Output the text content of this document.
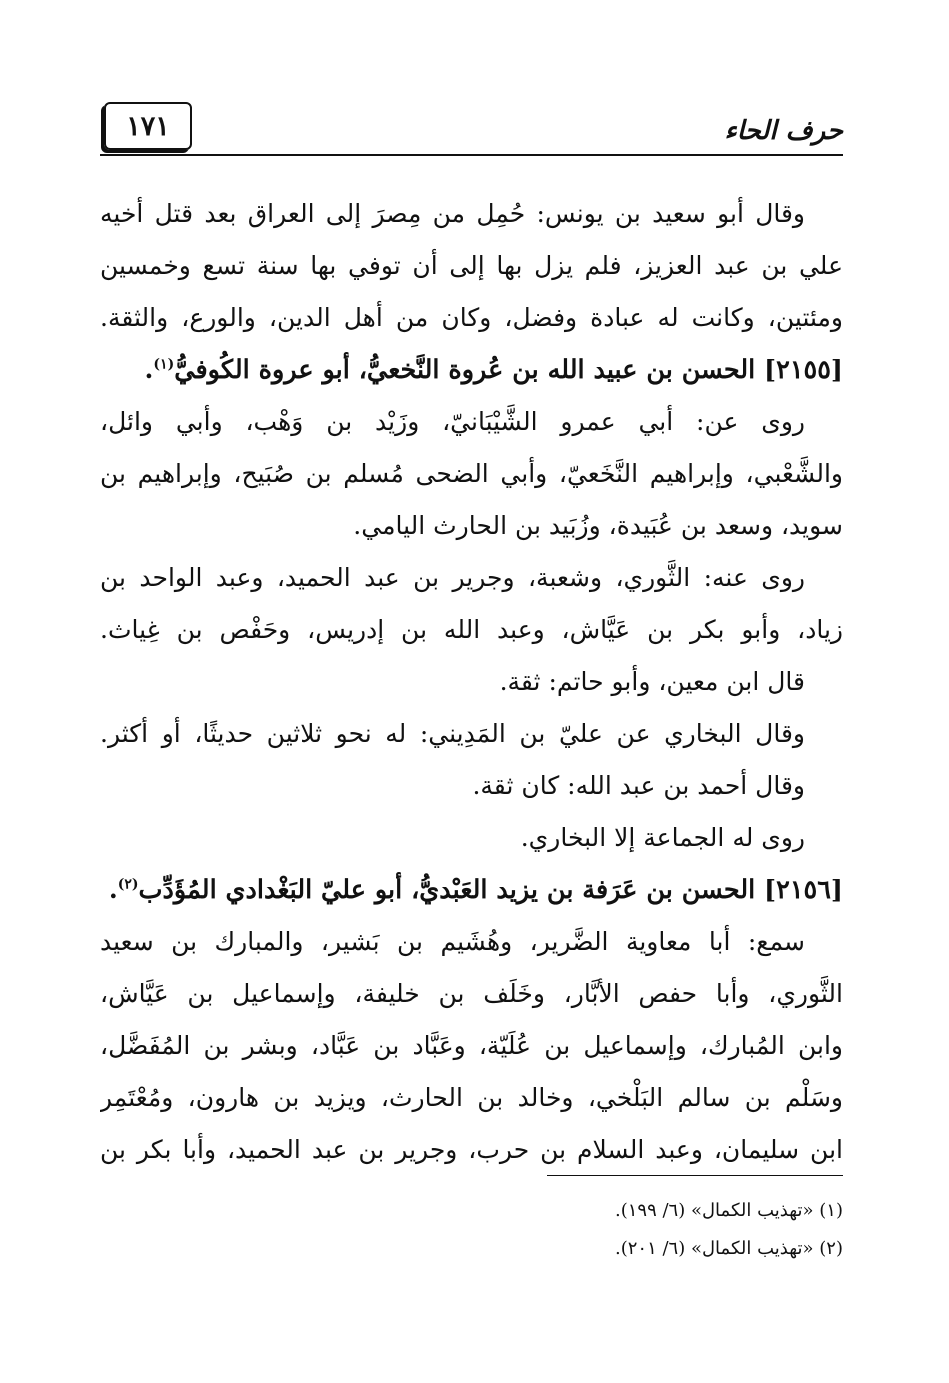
١٧١	حرف الحاء
وقال أبو سعيد بن يونس: حُمِل من مِصرَ إلى العراق بعد قتل أخيه
علي بن عبد العزيز، فلم يزل بها إلى أن توفي بها سنة تسع وخمسين
ومئتين، وكانت له عبادة وفضل، وكان من أهل الدين، والورع، والثقة.
[٢١٥٥] الحسن بن عبيد الله بن عُروة النَّخعيُّ، أبو عروة الكُوفيُّ$^{(١)}$.
روى عن: أبي عمرو الشَّيْبَانيّ، وزَيْد بن وَهْب، وأبي وائل،
والشَّعْبي، وإبراهيم النَّخَعيّ، وأبي الضحى مُسلم بن صُبَيح، وإبراهيم بن
سويد، وسعد بن عُبَيدة، وزُبَيد بن الحارث اليامي.
روى عنه: الثَّوري، وشعبة، وجرير بن عبد الحميد، وعبد الواحد بن
زياد، وأبو بكر بن عَيَّاش، وعبد الله بن إدريس، وحَفْص بن غِياث.
قال ابن معين، وأبو حاتم: ثقة.
وقال البخاري عن عليّ بن المَدِيني: له نحو ثلاثين حديثًا، أو أكثر.
وقال أحمد بن عبد الله: كان ثقة.
روى له الجماعة إلا البخاري.
[٢١٥٦] الحسن بن عَرَفة بن يزيد العَبْديُّ، أبو عليّ البَغْدادي المُؤَدِّب$^{(٢)}$.
سمع: أبا معاوية الضَّرير، وهُشَيم بن بَشير، والمبارك بن سعيد
الثَّوري، وأبا حفص الأبَّار، وخَلَف بن خليفة، وإسماعيل بن عَيَّاش،
وابن المُبارك، وإسماعيل بن عُلَيّة، وعَبَّاد بن عَبَّاد، وبشر بن المُفَضَّل،
وسَلْم بن سالم البَلْخي، وخالد بن الحارث، ويزيد بن هارون، ومُعْتَمِر
ابن سليمان، وعبد السلام بن حرب، وجرير بن عبد الحميد، وأبا بكر بن
(١) «تهذيب الكمال» (٦/ ١٩٩).
(٢) «تهذيب الكمال» (٦/ ٢٠١).
